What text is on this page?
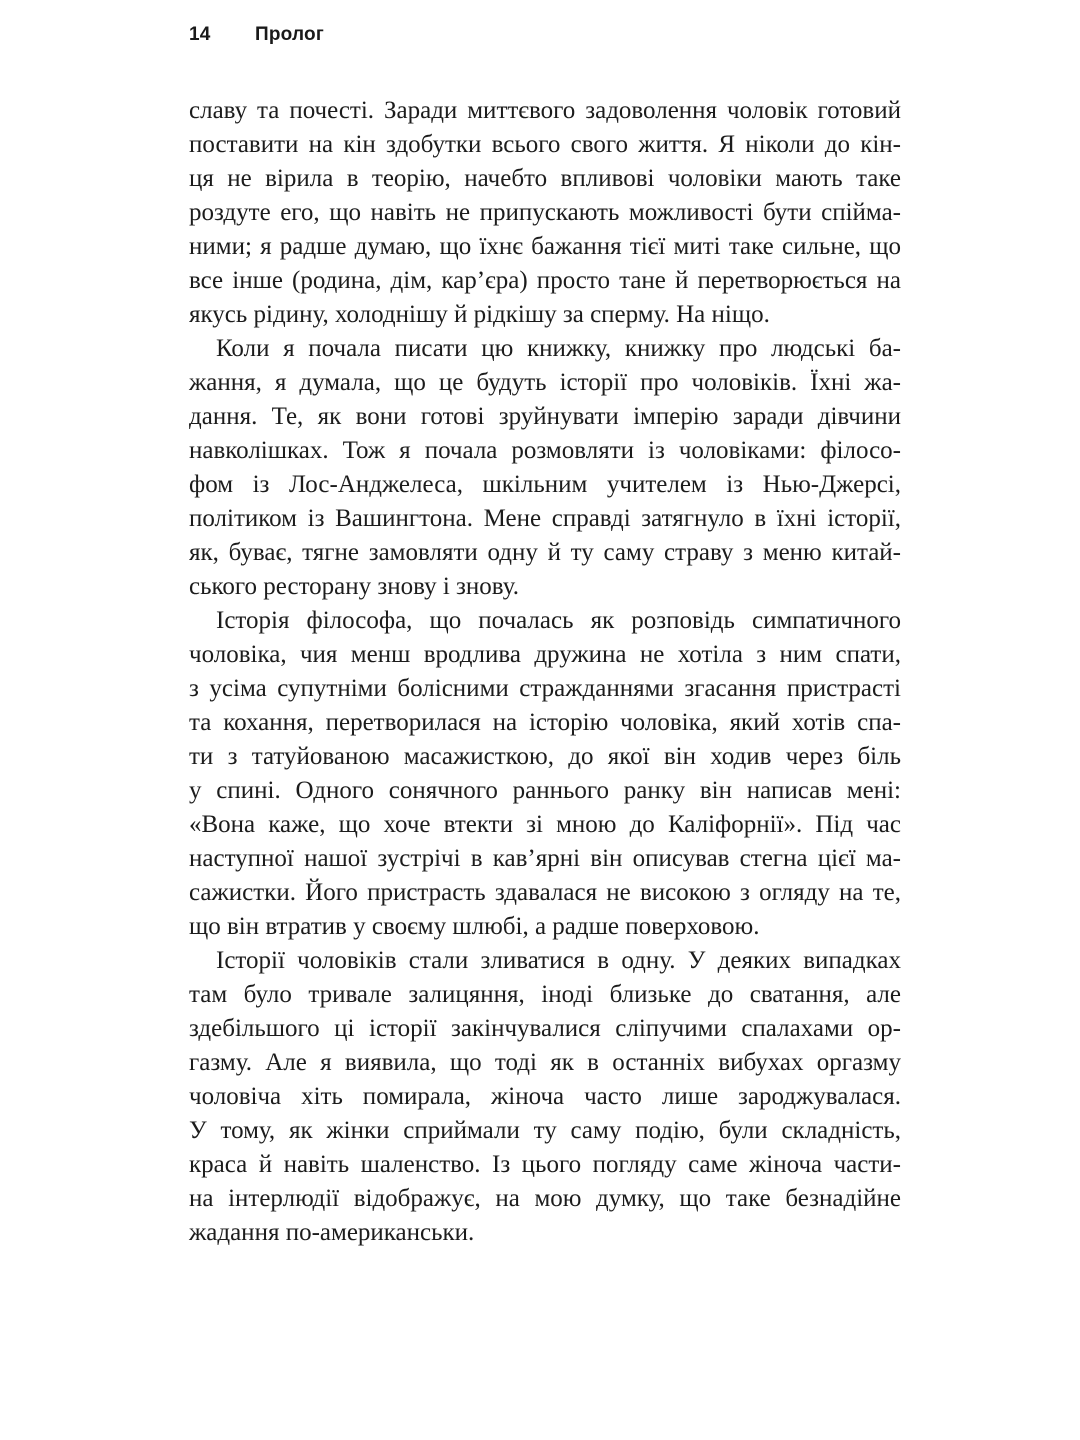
14	Пролог
славу та почесті. Заради миттєвого задоволення чоловік готовий
поставити на кін здобутки всього свого життя. Я ніколи до кін-
ця не вірила в теорію, начебто впливові чоловіки мають таке
роздуте его, що навіть не припускають можливості бути спійма-
ними; я радше думаю, що їхнє бажання тієї миті таке сильне, що
все інше (родина, дім, кар’єра) просто тане й перетворюється на
якусь рідину, холоднішу й рідкішу за сперму. На ніщо.
Коли я почала писати цю книжку, книжку про людські ба-
жання, я думала, що це будуть історії про чоловіків. Їхні жа-
дання. Те, як вони готові зруйнувати імперію заради дівчини
навколішках. Тож я почала розмовляти із чоловіками: філосо-
фом із Лос-Анджелеса, шкільним учителем із Нью-Джерсі,
політиком із Вашингтона. Мене справді затягнуло в їхні історії,
як, буває, тягне замовляти одну й ту саму страву з меню китай-
ського ресторану знову і знову.
Історія філософа, що почалась як розповідь симпатичного
чоловіка, чия менш вродлива дружина не хотіла з ним спати,
з усіма супутніми болісними стражданнями згасання пристрасті
та кохання, перетворилася на історію чоловіка, який хотів спа-
ти з татуйованою масажисткою, до якої він ходив через біль
у спині. Одного сонячного раннього ранку він написав мені:
«Вона каже, що хоче втекти зі мною до Каліфорнії». Під час
наступної нашої зустрічі в кав’ярні він описував стегна цієї ма-
сажистки. Його пристрасть здавалася не високою з огляду на те,
що він втратив у своєму шлюбі, а радше поверховою.
Історії чоловіків стали зливатися в одну. У деяких випадках
там було тривале залицяння, іноді близьке до сватання, але
здебільшого ці історії закінчувалися сліпучими спалахами ор-
газму. Але я виявила, що тоді як в останніх вибухах оргазму
чоловіча хіть помирала, жіноча часто лише зароджувалася.
У тому, як жінки сприймали ту саму подію, були складність,
краса й навіть шаленство. Із цього погляду саме жіноча части-
на інтерлюдії відображує, на мою думку, що таке безнадійне
жадання по-американськи.
